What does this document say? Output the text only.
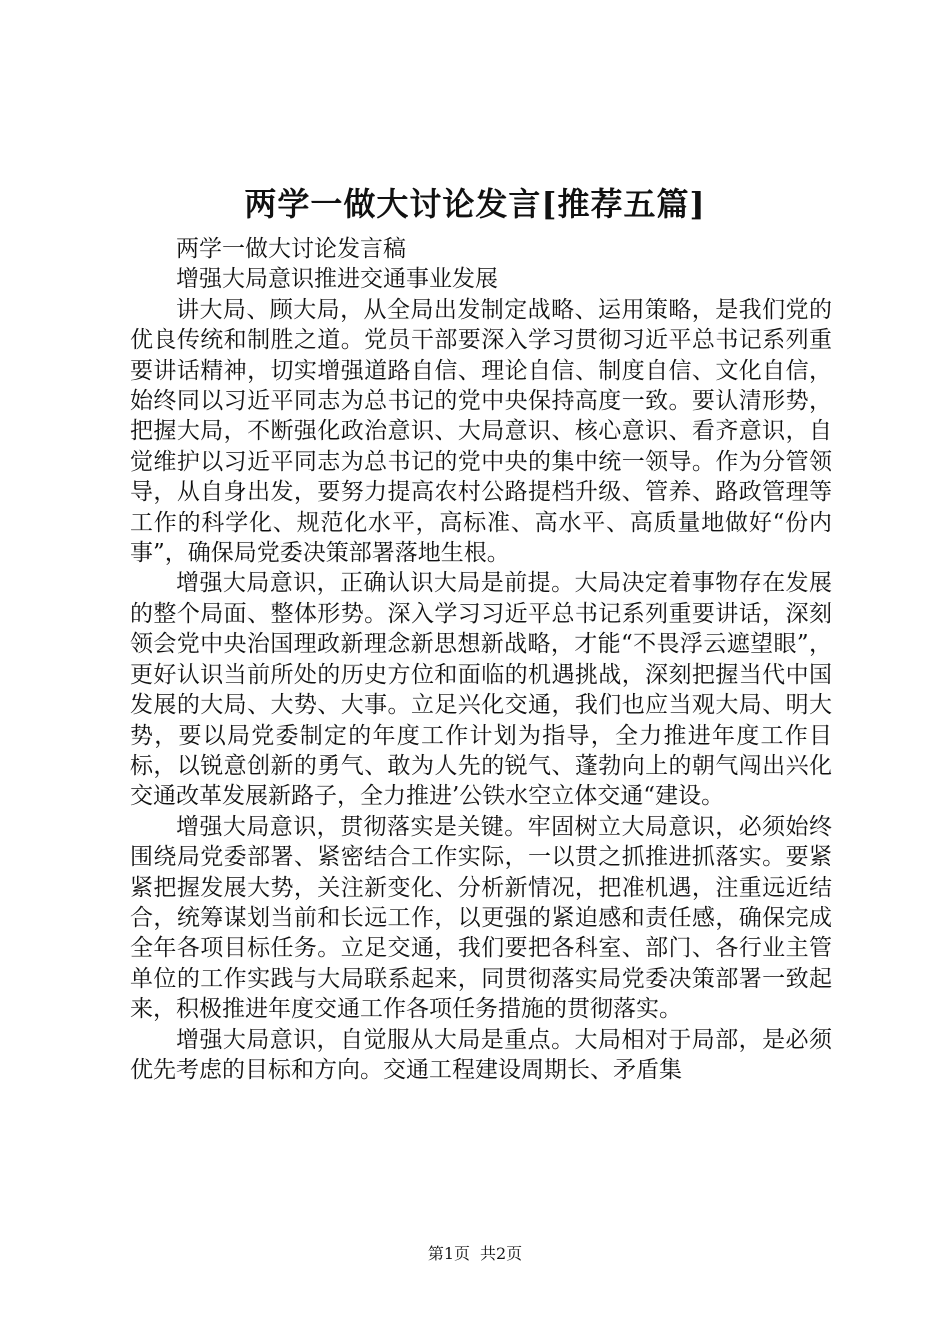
两学一做大讨论发言[推荐五篇]

两学一做大讨论发言稿

增强大局意识推进交通事业发展

讲大局、顾大局，从全局出发制定战略、运用策略，是我们党的优良传统和制胜之道。党员干部要深入学习贯彻习近平总书记系列重要讲话精神，切实增强道路自信、理论自信、制度自信、文化自信，始终同以习近平同志为总书记的党中央保持高度一致。要认清形势，把握大局，不断强化政治意识、大局意识、核心意识、看齐意识，自觉维护以习近平同志为总书记的党中央的集中统一领导。作为分管领导，从自身出发，要努力提高农村公路提档升级、管养、路政管理等工作的科学化、规范化水平，高标准、高水平、高质量地做好“份内事”，确保局党委决策部署落地生根。

增强大局意识，正确认识大局是前提。大局决定着事物存在发展的整个局面、整体形势。深入学习习近平总书记系列重要讲话，深刻领会党中央治国理政新理念新思想新战略，才能“不畏浮云遮望眼”，更好认识当前所处的历史方位和面临的机遇挑战，深刻把握当代中国发展的大局、大势、大事。立足兴化交通，我们也应当观大局、明大势，要以局党委制定的年度工作计划为指导，全力推进年度工作目标，以锐意创新的勇气、敢为人先的锐气、蓬勃向上的朝气闯出兴化交通改革发展新路子，全力推进’公铁水空立体交通“建设。

增强大局意识，贯彻落实是关键。牢固树立大局意识，必须始终围绕局党委部署、紧密结合工作实际，一以贯之抓推进抓落实。要紧紧把握发展大势，关注新变化、分析新情况，把准机遇，注重远近结合，统筹谋划当前和长远工作，以更强的紧迫感和责任感，确保完成全年各项目标任务。立足交通，我们要把各科室、部门、各行业主管单位的工作实践与大局联系起来，同贯彻落实局党委决策部署一致起来，积极推进年度交通工作各项任务措施的贯彻落实。

增强大局意识，自觉服从大局是重点。大局相对于局部，是必须优先考虑的目标和方向。交通工程建设周期长、矛盾集

第1页 共2页
